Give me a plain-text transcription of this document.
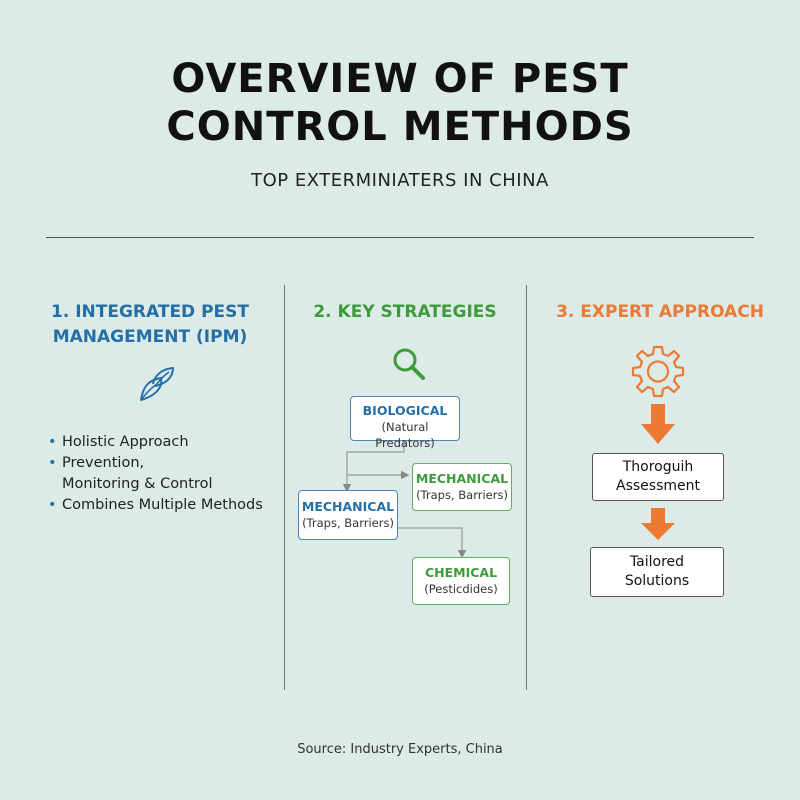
OVERVIEW OF PEST
CONTROL METHODS
TOP EXTERMINIATERS IN CHINA
1. INTEGRATED PEST
MANAGEMENT (IPM)
• Holistic Approach
• Prevention,
Monitoring & Control
• Combines Multiple Methods
2. KEY STRATEGIES
BIOLOGICAL
(Natural Predators)
MECHANICAL
(Traps, Barriers)
MECHANICAL
(Traps, Barriers)
CHEMICAL
(Pesticdides)
3. EXPERT APPROACH
Thoroguih
Assessment
Tailored
Solutions
Source: Industry Experts, China
